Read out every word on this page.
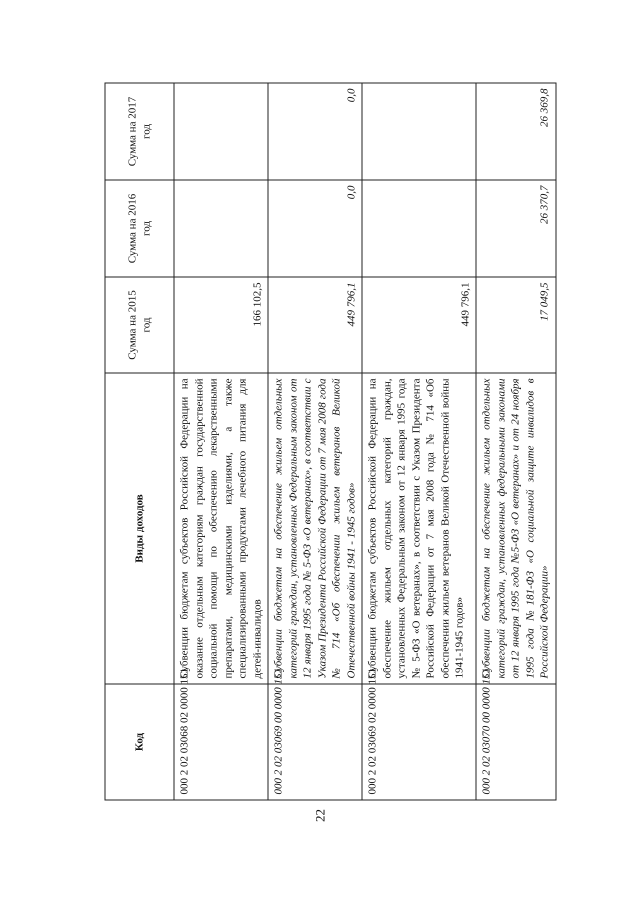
22
Код	Виды доходов	Сумма на 2015 год	Сумма на 2016 год	Сумма на 2017 год
000 2 02 03068 02 0000 151	Субвенции бюджетам субъектов Российской Федерации на оказание отдельным категориям граждан государственной социальной помощи по обеспечению лекарственными препаратами, медицинскими изделиями, а также специализированными продуктами лечебного питания для детей-инвалидов	166 102,5		
000 2 02 03069 00 0000 151	Субвенции бюджетам на обеспечение жильем отдельных категорий граждан, установленных Федеральным законом от 12 января 1995 года № 5-ФЗ «О ветеранах», в соответствии с Указом Президента Российской Федерации от 7 мая 2008 года № 714 «Об обеспечении жильем ветеранов Великой Отечественной войны 1941 - 1945 годов»	449 796,1	0,0	0,0
000 2 02 03069 02 0000 151	Субвенции бюджетам субъектов Российской Федерации на обеспечение жильем отдельных категорий граждан, установленных Федеральным законом от 12 января 1995 года № 5-ФЗ «О ветеранах», в соответствии с Указом Президента Российской Федерации от 7 мая 2008 года № 714 «Об обеспечении жильем ветеранов Великой Отечественной войны 1941-1945 годов»	449 796,1		
000 2 02 03070 00 0000 151	Субвенции бюджетам на обеспечение жильем отдельных категорий граждан, установленных федеральными законами от 12 января 1995 года №5-ФЗ «О ветеранах» и от 24 ноября 1995 года №181-ФЗ «О социальной защите инвалидов в Российской Федерации»	17 049,5	26 370,7	26 369,8
